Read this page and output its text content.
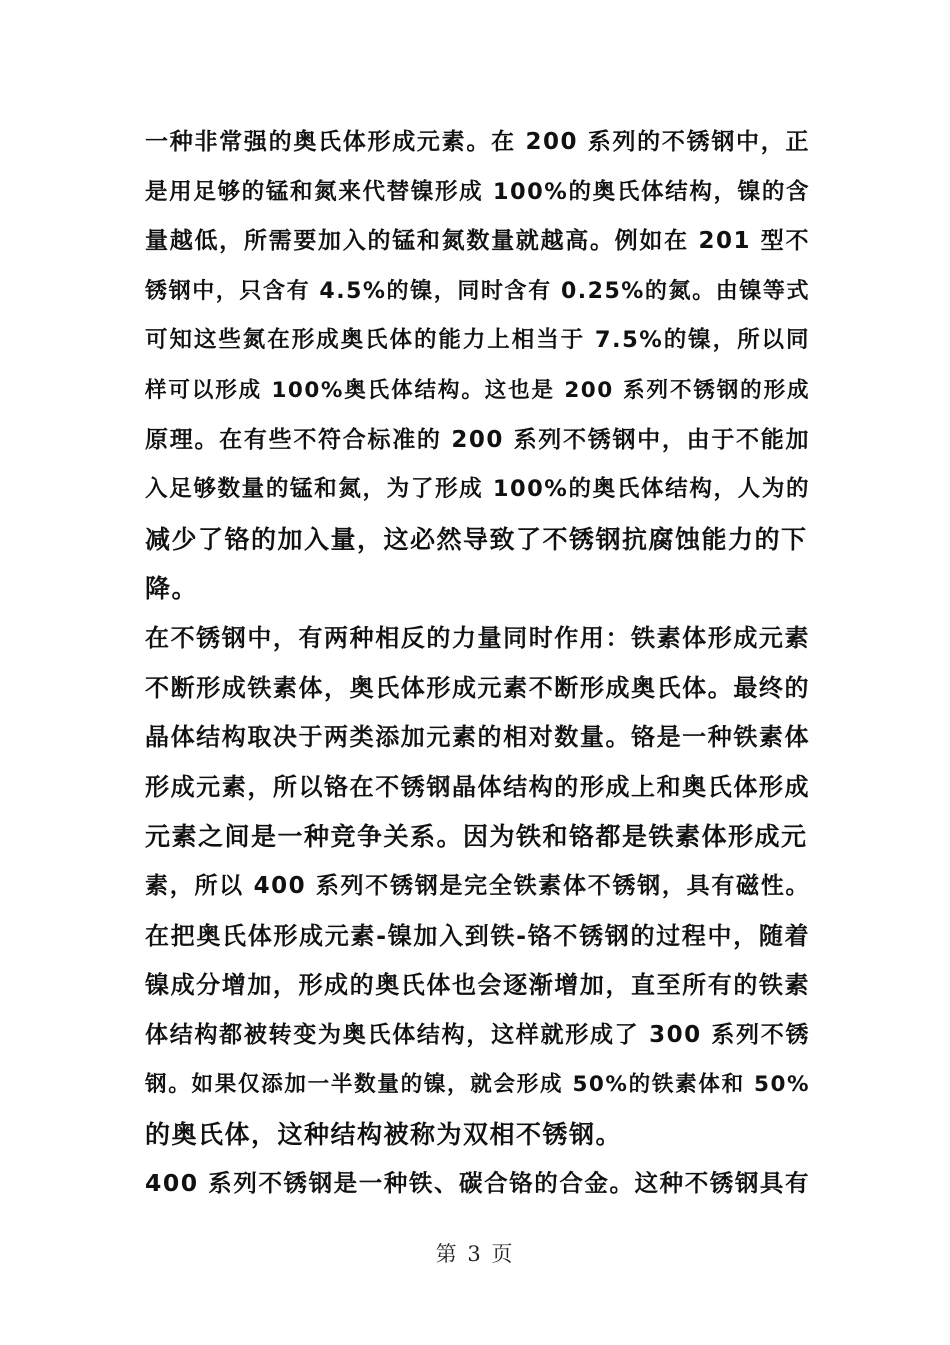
一种非常强的奥氏体形成元素。在 200 系列的不锈钢中，正
是用足够的锰和氮来代替镍形成 100%的奥氏体结构，镍的含
量越低，所需要加入的锰和氮数量就越高。例如在 201 型不
锈钢中，只含有 4.5%的镍，同时含有 0.25%的氮。由镍等式
可知这些氮在形成奥氏体的能力上相当于 7.5%的镍，所以同
样可以形成 100%奥氏体结构。这也是 200 系列不锈钢的形成
原理。在有些不符合标准的 200 系列不锈钢中，由于不能加
入足够数量的锰和氮，为了形成 100%的奥氏体结构，人为的
减少了铬的加入量，这必然导致了不锈钢抗腐蚀能力的下
降。
在不锈钢中，有两种相反的力量同时作用：铁素体形成元素
不断形成铁素体，奥氏体形成元素不断形成奥氏体。最终的
晶体结构取决于两类添加元素的相对数量。铬是一种铁素体
形成元素，所以铬在不锈钢晶体结构的形成上和奥氏体形成
元素之间是一种竞争关系。因为铁和铬都是铁素体形成元
素，所以 400 系列不锈钢是完全铁素体不锈钢，具有磁性。
在把奥氏体形成元素-镍加入到铁-铬不锈钢的过程中，随着
镍成分增加，形成的奥氏体也会逐渐增加，直至所有的铁素
体结构都被转变为奥氏体结构，这样就形成了 300 系列不锈
钢。如果仅添加一半数量的镍，就会形成 50%的铁素体和 50%
的奥氏体，这种结构被称为双相不锈钢。
400 系列不锈钢是一种铁、碳合铬的合金。这种不锈钢具有
第 3 页
